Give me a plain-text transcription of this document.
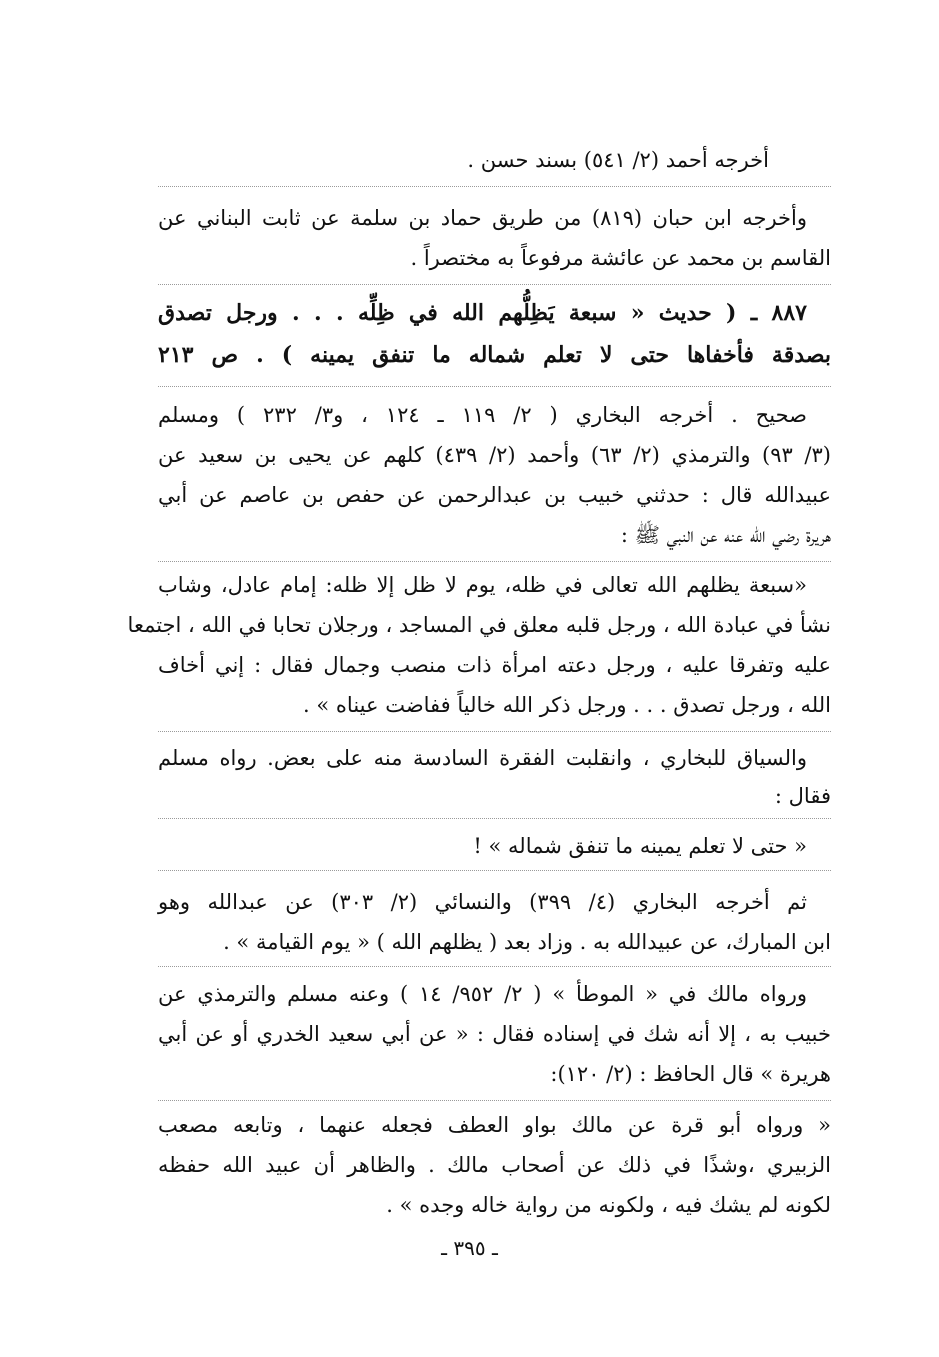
أخرجه أحمد (٢/ ٥٤١) بسند حسن .

وأخرجه ابن حبان (٨١٩) من طريق حماد بن سلمة عن ثابت البناني عن

القاسم بن محمد عن عائشة مرفوعاً به مختصراً .

٨٨٧ ـ ( حديث « سبعة يَظِلُّهم الله في ظِلِّه . . . ورجل تصدق

بصدقة فأخفاها حتى لا تعلم شماله ما تنفق يمينه ) . ص ٢١٣

صحيح . أخرجه البخاري ( ٢/ ١١٩ ـ ١٢٤ ، و٣/ ٢٣٢ ) ومسلم

(٣/ ٩٣) والترمذي (٢/ ٦٣) وأحمد (٢/ ٤٣٩) كلهم عن يحيى بن سعيد عن

عبيدالله قال : حدثني خبيب بن عبدالرحمن عن حفص بن عاصم عن أبي

هريرة رضي الله عنه عن النبي ﷺ :

«سبعة يظلهم الله تعالى في ظله، يوم لا ظل إلا ظله: إمام عادل، وشاب

نشأ في عبادة الله ، ورجل قلبه معلق في المساجد ، ورجلان تحابا في الله ، اجتمعا

عليه وتفرقا عليه ، ورجل دعته امرأة ذات منصب وجمال فقال : إني أخاف

الله ، ورجل تصدق . . . ورجل ذكر الله خالياً ففاضت عيناه » .

والسياق للبخاري ، وانقلبت الفقرة السادسة منه على بعض. رواه مسلم

فقال :

« حتى لا تعلم يمينه ما تنفق شماله » !

ثم أخرجه البخاري (٤/ ٣٩٩) والنسائي (٢/ ٣٠٣) عن عبدالله وهو

ابن المبارك، عن عبيدالله به . وزاد بعد ( يظلهم الله ) « يوم القيامة » .

ورواه مالك في « الموطأ » ( ٢/ ٩٥٢/ ١٤ ) وعنه مسلم والترمذي عن

خبيب به ، إلا أنه شك في إسناده فقال : « عن أبي سعيد الخدري أو عن أبي

هريرة » قال الحافظ : (٢/ ١٢٠):

« ورواه أبو قرة عن مالك بواو العطف فجعله عنهما ، وتابعه مصعب

الزبيري ،وشذًا في ذلك عن أصحاب مالك . والظاهر أن عبيد الله حفظه

لكونه لم يشك فيه ، ولكونه من رواية خاله وجده » .

ـ ٣٩٥ ـ
